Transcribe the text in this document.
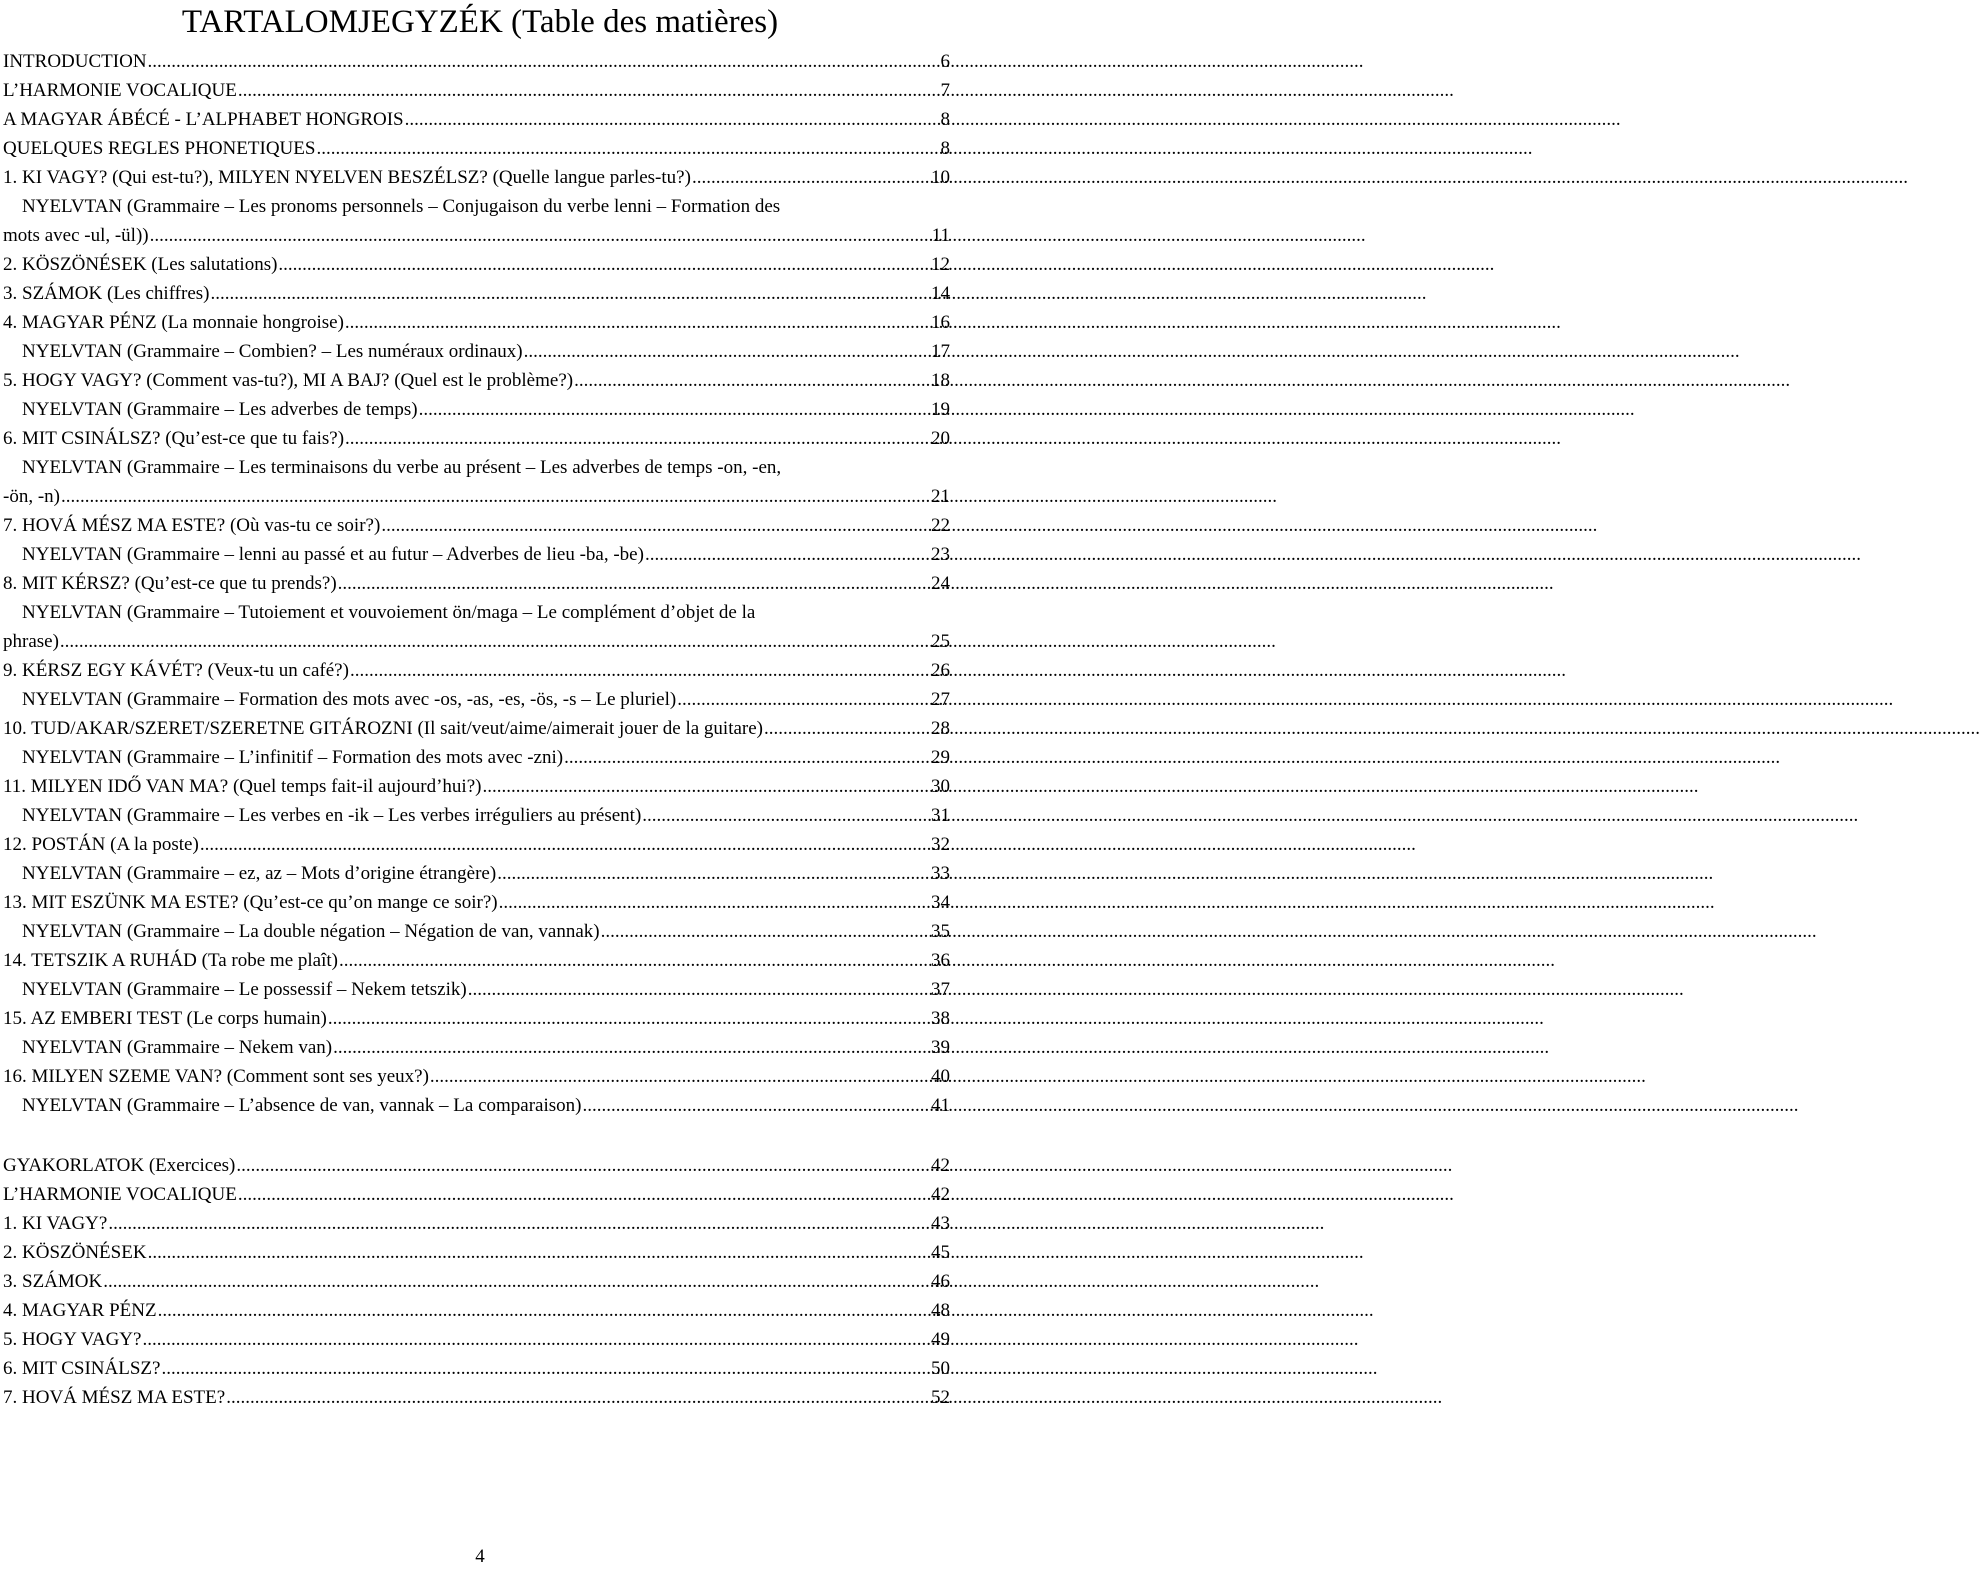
TARTALOMJEGYZÉK (Table des matières)
INTRODUCTION .....	6
L’HARMONIE VOCALIQUE .....	7
A MAGYAR ÁBÉCÉ - L’ALPHABET HONGROIS .....	8
QUELQUES REGLES PHONETIQUES .....	8
1. KI VAGY? (Qui est-tu?), MILYEN NYELVEN BESZÉLSZ? (Quelle langue parles-tu?) .....	10
NYELVTAN (Grammaire – Les pronoms personnels – Conjugaison du verbe lenni – Formation des
mots avec -ul, -ül)) .....	11
2. KÖSZÖNÉSEK (Les salutations) .....	12
3. SZÁMOK (Les chiffres) .....	14
4. MAGYAR PÉNZ (La monnaie hongroise) .....	16
NYELVTAN (Grammaire – Combien? – Les numéraux ordinaux) .....	17
5. HOGY VAGY? (Comment vas-tu?), MI A BAJ? (Quel est le problème?) .....	18
NYELVTAN (Grammaire – Les adverbes de temps) .....	19
6. MIT CSINÁLSZ? (Qu’est-ce que tu fais?) .....	20
NYELVTAN (Grammaire – Les terminaisons du verbe au présent – Les adverbes de temps -on, -en,
-ön, -n) .....	21
7. HOVÁ MÉSZ MA ESTE? (Où vas-tu ce soir?) .....	22
NYELVTAN (Grammaire – lenni au passé et au futur – Adverbes de lieu -ba, -be) .....	23
8. MIT KÉRSZ? (Qu’est-ce que tu prends?) .....	24
NYELVTAN (Grammaire – Tutoiement et vouvoiement ön/maga – Le complément d’objet de la
phrase) .....	25
9. KÉRSZ EGY KÁVÉT? (Veux-tu un café?) .....	26
NYELVTAN (Grammaire – Formation des mots avec -os, -as, -es, -ös, -s – Le pluriel) .....	27
10. TUD/AKAR/SZERET/SZERETNE GITÁROZNI (Il sait/veut/aime/aimerait jouer de la guitare) .....	28
NYELVTAN (Grammaire – L’infinitif – Formation des mots avec -zni) .....	29
11. MILYEN IDŐ VAN MA? (Quel temps fait-il aujourd’hui?) .....	30
NYELVTAN (Grammaire – Les verbes en -ik – Les verbes irréguliers au présent) .....	31
12. POSTÁN (A la poste) .....	32
NYELVTAN (Grammaire – ez, az – Mots d’origine étrangère) .....	33
13. MIT ESZÜNK MA ESTE? (Qu’est-ce qu’on mange ce soir?) .....	34
NYELVTAN (Grammaire – La double négation – Négation de van, vannak) .....	35
14. TETSZIK A RUHÁD (Ta robe me plaît) .....	36
NYELVTAN (Grammaire – Le possessif – Nekem tetszik) .....	37
15. AZ EMBERI TEST (Le corps humain) .....	38
NYELVTAN (Grammaire – Nekem van) .....	39
16. MILYEN SZEME VAN? (Comment sont ses yeux?) .....	40
NYELVTAN (Grammaire – L’absence de van, vannak – La comparaison) .....	41
GYAKORLATOK (Exercices) .....	42
L’HARMONIE VOCALIQUE .....	42
1. KI VAGY? .....	43
2. KÖSZÖNÉSEK .....	45
3. SZÁMOK .....	46
4. MAGYAR PÉNZ .....	48
5. HOGY VAGY? .....	49
6. MIT CSINÁLSZ? .....	50
7. HOVÁ MÉSZ MA ESTE? .....	52
4
